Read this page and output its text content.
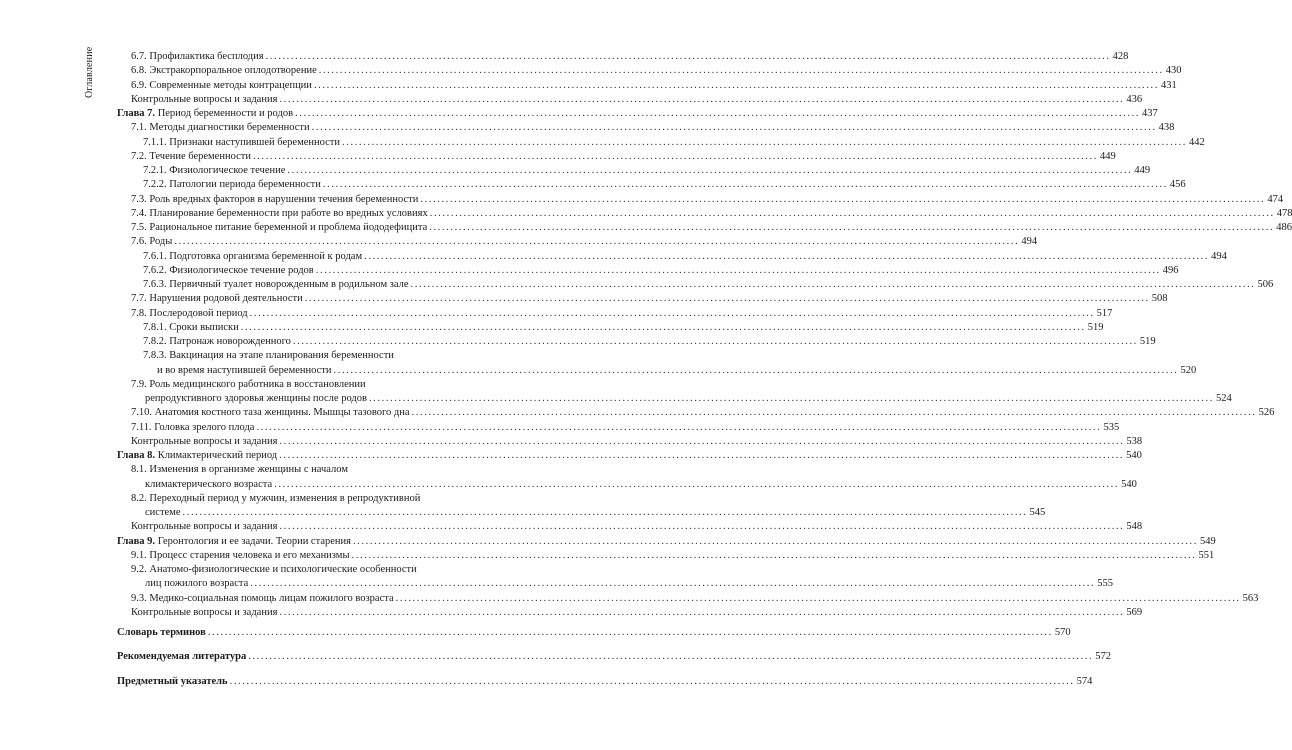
Оглавление	6.7. Профилактика бесплодия ........................................................................................................................................................................................................ 428
6.8. Экстракорпоральное оплодотворение ........................................................................................................................................................................................................ 430
6.9. Современные методы контрацепции ........................................................................................................................................................................................................ 431
Контрольные вопросы и задания ........................................................................................................................................................................................................ 436
Глава 7.
Период беременности и родов ........................................................................................................................................................................................................ 437
7.1. Методы диагностики беременности ........................................................................................................................................................................................................ 438
7.1.1. Признаки наступившей беременности ........................................................................................................................................................................................................ 442
7.2. Течение беременности ........................................................................................................................................................................................................ 449
7.2.1. Физиологическое течение ........................................................................................................................................................................................................ 449
7.2.2. Патологии периода беременности ........................................................................................................................................................................................................ 456
7.3. Роль вредных факторов в нарушении течения беременности ........................................................................................................................................................................................................ 474
7.4. Планирование беременности при работе во вредных условиях ........................................................................................................................................................................................................ 478
7.5. Рациональное питание беременной и проблема йододефицита ........................................................................................................................................................................................................ 486
7.6. Роды ........................................................................................................................................................................................................ 494
7.6.1. Подготовка организма беременной к родам ........................................................................................................................................................................................................ 494
7.6.2. Физиологическое течение родов ........................................................................................................................................................................................................ 496
7.6.3. Первичный туалет новорожденным в родильном зале ........................................................................................................................................................................................................ 506
7.7. Нарушения родовой деятельности ........................................................................................................................................................................................................ 508
7.8. Послеродовой период ........................................................................................................................................................................................................ 517
7.8.1. Сроки выписки ........................................................................................................................................................................................................ 519
7.8.2. Патронаж новорожденного ........................................................................................................................................................................................................ 519
7.8.3. Вакцинация на этапе планирования беременности
и во время наступившей беременности ........................................................................................................................................................................................................ 520
7.9. Роль медицинского работника в восстановлении
репродуктивного здоровья женщины после родов ........................................................................................................................................................................................................ 524
7.10. Анатомия костного таза женщины. Мышцы тазового дна ........................................................................................................................................................................................................ 526
7.11. Головка зрелого плода ........................................................................................................................................................................................................ 535
Контрольные вопросы и задания ........................................................................................................................................................................................................ 538
Глава 8.
Климактерический период ........................................................................................................................................................................................................ 540
8.1. Изменения в организме женщины с началом
климактерического возраста ........................................................................................................................................................................................................ 540
8.2. Переходный период у мужчин, изменения в репродуктивной
системе ........................................................................................................................................................................................................ 545
Контрольные вопросы и задания ........................................................................................................................................................................................................ 548
Глава 9.
Геронтология и ее задачи. Теории старения ........................................................................................................................................................................................................ 549
9.1. Процесс старения человека и его механизмы ........................................................................................................................................................................................................ 551
9.2. Анатомо-физиологические и психологические особенности
лиц пожилого возраста ........................................................................................................................................................................................................ 555
9.3. Медико-социальная помощь лицам пожилого возраста ........................................................................................................................................................................................................ 563
Контрольные вопросы и задания ........................................................................................................................................................................................................ 569
Словарь терминов ........................................................................................................................................................................................................ 570
Рекомендуемая литература ........................................................................................................................................................................................................ 572
Предметный указатель ........................................................................................................................................................................................................ 574
